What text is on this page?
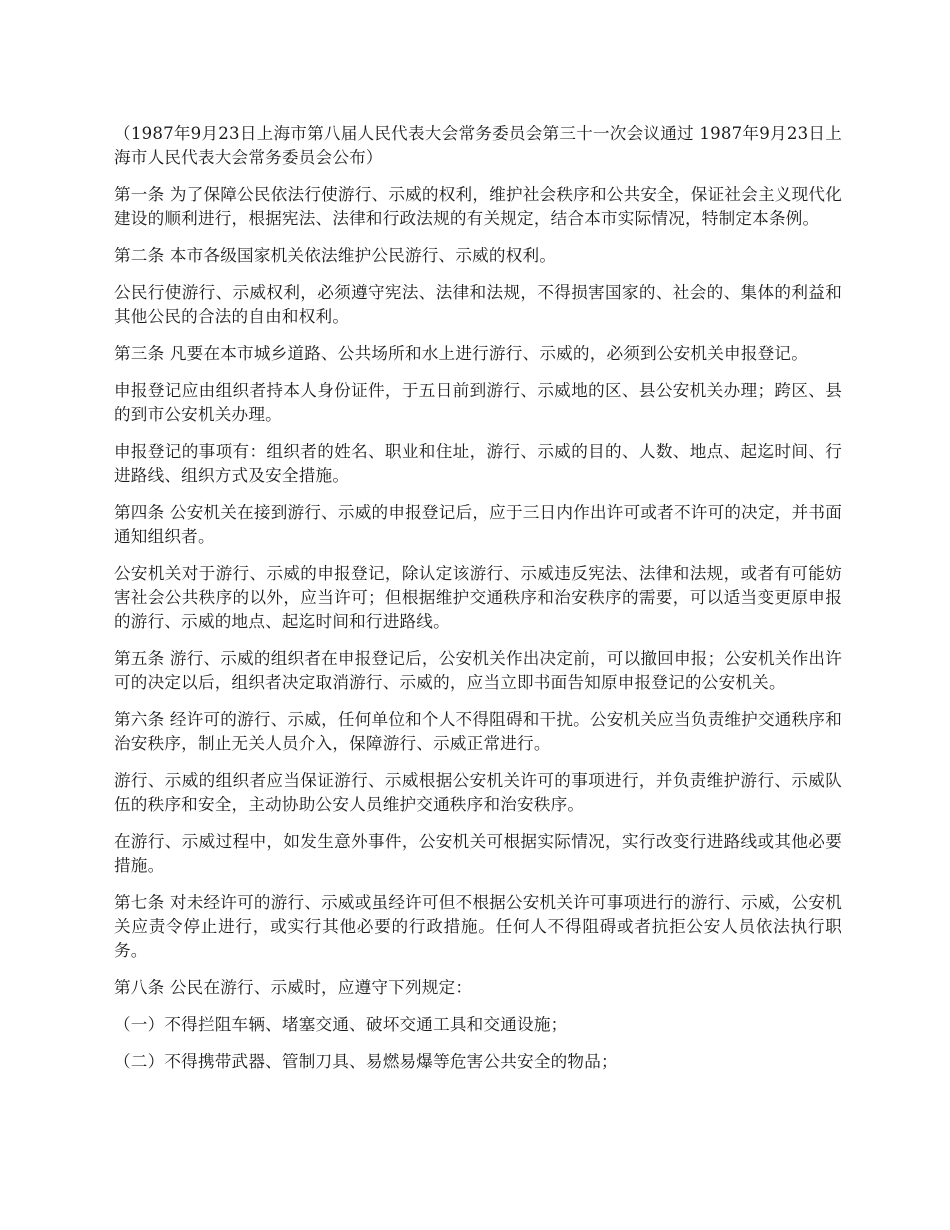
（1987年9月23日上海市第八届人民代表大会常务委员会第三十一次会议通过 1987年9月23日上海市人民代表大会常务委员会公布）

第一条 为了保障公民依法行使游行、示威的权利，维护社会秩序和公共安全，保证社会主义现代化建设的顺利进行，根据宪法、法律和行政法规的有关规定，结合本市实际情况，特制定本条例。

第二条 本市各级国家机关依法维护公民游行、示威的权利。

公民行使游行、示威权利，必须遵守宪法、法律和法规，不得损害国家的、社会的、集体的利益和其他公民的合法的自由和权利。

第三条 凡要在本市城乡道路、公共场所和水上进行游行、示威的，必须到公安机关申报登记。

申报登记应由组织者持本人身份证件，于五日前到游行、示威地的区、县公安机关办理；跨区、县的到市公安机关办理。

申报登记的事项有：组织者的姓名、职业和住址，游行、示威的目的、人数、地点、起迄时间、行进路线、组织方式及安全措施。

第四条 公安机关在接到游行、示威的申报登记后，应于三日内作出许可或者不许可的决定，并书面通知组织者。

公安机关对于游行、示威的申报登记，除认定该游行、示威违反宪法、法律和法规，或者有可能妨害社会公共秩序的以外，应当许可；但根据维护交通秩序和治安秩序的需要，可以适当变更原申报的游行、示威的地点、起迄时间和行进路线。

第五条 游行、示威的组织者在申报登记后，公安机关作出决定前，可以撤回申报；公安机关作出许可的决定以后，组织者决定取消游行、示威的，应当立即书面告知原申报登记的公安机关。

第六条 经许可的游行、示威，任何单位和个人不得阻碍和干扰。公安机关应当负责维护交通秩序和治安秩序，制止无关人员介入，保障游行、示威正常进行。

游行、示威的组织者应当保证游行、示威根据公安机关许可的事项进行，并负责维护游行、示威队伍的秩序和安全，主动协助公安人员维护交通秩序和治安秩序。

在游行、示威过程中，如发生意外事件，公安机关可根据实际情况，实行改变行进路线或其他必要措施。

第七条 对未经许可的游行、示威或虽经许可但不根据公安机关许可事项进行的游行、示威，公安机关应责令停止进行，或实行其他必要的行政措施。任何人不得阻碍或者抗拒公安人员依法执行职务。

第八条 公民在游行、示威时，应遵守下列规定：

（一）不得拦阻车辆、堵塞交通、破坏交通工具和交通设施；

（二）不得携带武器、管制刀具、易燃易爆等危害公共安全的物品；
